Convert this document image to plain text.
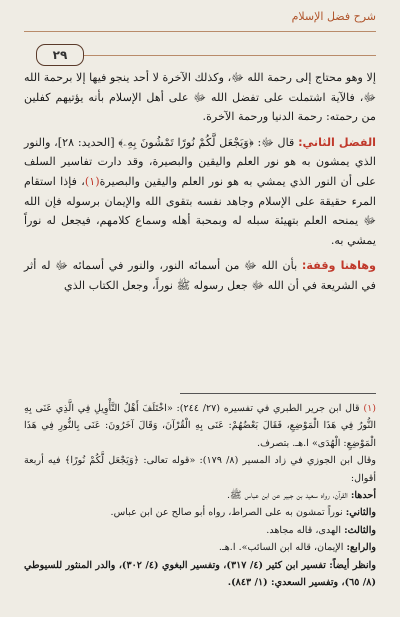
شرح فضل الإسلام
٢٩

إلا وهو محتاج إلى رحمة الله ﷻ، وكذلك الآخرة لا أحد ينجو فيها إلا برحمة الله ﷻ، فالآية اشتملت على تفضل الله ﷻ على أهل الإسلام بأنه يؤتيهم كفلين من رحمته: رحمة الدنيا ورحمة الآخرة.

الفضل الثاني: قال ﷻ: ﴿وَيَجْعَل لَّكُمْ نُورًا تَمْشُونَ بِهِۦ﴾ [الحديد: ٢٨]، والنور الذي يمشون به هو نور العلم واليقين والبصيرة، وقد دارت تفاسير السلف على أن النور الذي يمشي به هو نور العلم واليقين والبصيرة(١)، فإذا استقام المرء حقيقة على الإسلام وجاهد نفسه بتقوى الله والإيمان برسوله فإن الله ﷻ يمنحه العلم بتهيئة سبله له وبمحبة أهله وسماع كلامهم، فيجعل له نوراً يمشي به.

وهاهنا وقفة: بأن الله ﷻ من أسمائه النور، والنور في أسمائه ﷻ له أثر في الشريعة في أن الله ﷻ جعل رسوله ﷺ نوراً، وجعل الكتاب الذي

(١) قال ابن جرير الطبري في تفسيره (٢٧/ ٢٤٤): «اخْتَلَفَ أَهْلُ التَّأْوِيلِ فِي الَّذِي عَنَى بِهِ النُّورُ فِي هَذَا الْمَوْضِعِ، فَقَالَ بَعْضُهُمْ: عَنَى بِهِ الْقُرْآنَ، وَقَالَ آخَرُونَ: عَنَى بِالنُّورِ فِي هَذَا الْمَوْضِعِ: الْهُدَى» ا.هـ. بتصرف.

وقال ابن الجوزي في زاد المسير (٨/ ١٧٩): «قوله تعالى: ﴿وَيَجْعَل لَّكُمْ نُورًا﴾ فيه أربعة أقوال:

أحدها: القرآن، رواه سعيد بن جبير عن ابن عباس ﷺ.

والثاني: نوراً تمشون به على الصراط، رواه أبو صالح عن ابن عباس.

والثالث: الهدى، قاله مجاهد.

والرابع: الإيمان، قاله ابن السائب». ا.هـ.

وانظر أيضاً: تفسير ابن كثير (٤/ ٣١٧)، وتفسير البغوي (٤/ ٣٠٢)، والدر المنثور للسيوطي (٨/ ٦٥)، وتفسير السعدي: (١/ ٨٤٣).
